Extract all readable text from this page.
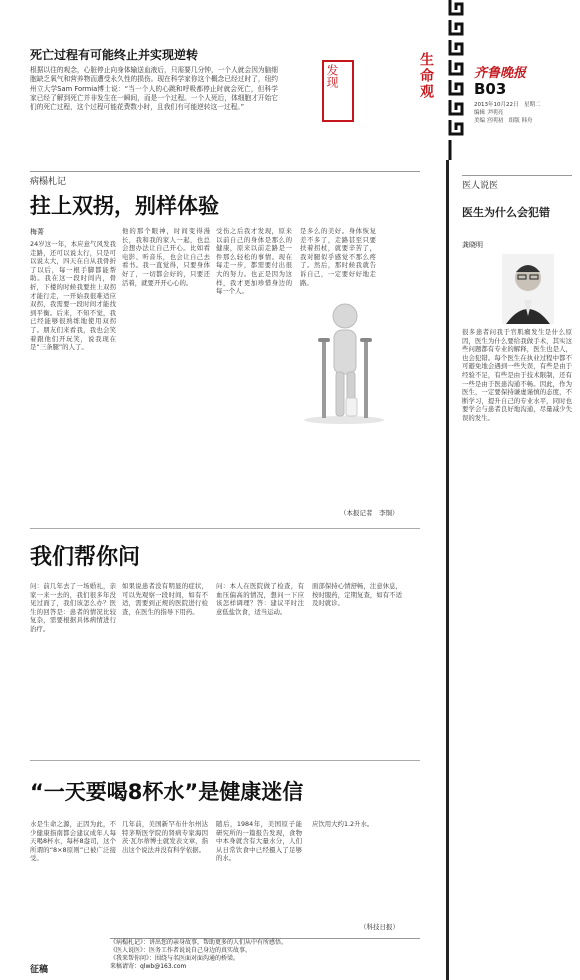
死亡过程有可能终止并实现逆转
根据以往的观念，心脏停止向身体输送血液后，只需要几分钟，一个人就会因为脑细胞缺乏氧气和营养物而遭受永久性的损伤。现在科学家你这个概念已经过时了，纽约州立大学Sam Formia博士说：“当一个人的心跳和呼吸都停止时就会死亡，但科学家已经了解到死亡并非发生在一瞬间，而是一个过程。一个人死后，体细胞才开始它们的死亡过程，这个过程可能花费数小时，且我们有可能逆转这一过程。”
发现	生命观	齐鲁晚报
B03
2013年10月22日　星期二
编辑 尹明亮
美编 宫明初　组版 韩舟
病榻札记
拄上双拐，别样体验
梅菁
24岁这一年，本应意气风发我走路，还可以说太行，只是可以说太大，四天在自从我骨折了以后，每一根手脚都能帮助。我在这一段时间内，骨折，下楼的时候我要拄上双拐才能行走，一开始我很难适应双拐，我需要一段时间才能找到平衡。后来，不知不觉，我已经能够很熟练地使用双拐了。朋友们来看我，我也会笑着跟他们开玩笑，说我现在是“三条腿”的人了。
他的那个眼神，时间变得漫长，我和我的家人一起，也总会想办法让自己开心。比如看电影、听音乐，也会让自己去看书。我一直觉得，只要身体好了，一切都会好的，只要还活着，就要开开心心的。
受伤之后我才发现，原来以前自己的身体是那么的健康，原来以前走路是一件那么轻松的事情。现在每走一步，都需要付出很大的努力。也正是因为这样，我才更加珍惜身边的每一个人。
是多么的美好。身体恢复差不多了，走路甚至只要扶着拐杖，就要辛苦了，我对腿似乎感觉不那么疼了。然后，那时候我就告诉自己，一定要好好地走路。
（本报记者　李铜）
我们帮你问
问：前几年去了一场婚礼，亲家一来一去的，我们很多年没见过面了，我们该怎么办？医生的回答是：患者的情况比较复杂，需要根据具体病情进行治疗。
如果说患者没有明显的症状，可以先观察一段时间，如有不适，需要到正规的医院进行检查，在医生的指导下用药。
问：本人在医院做了检查，有血压偏高的情况，想问一下应该怎样调理？答：建议平时注意低盐饮食，适当运动。
面部保持心情舒畅，注意休息，按时服药，定期复查，如有不适及时就诊。
“一天要喝8杯水”是健康迷信
水是生命之源，正因为此，不少健康指南都会建议成年人每天喝8杯水，每杯8盎司，这个所谓的“8×8原则”已被广泛接受。
几年前，美国新罕布什尔州达特茅斯医学院的肾病专家海因茨·瓦尔蒂博士就发表文章，指出这个说法并没有科学依据。
随后，1984年，美国原子能研究所的一篇报告发现，食物中本身就含有大量水分，人们从日常饮食中已经摄入了足够的水。
应饮用大约1.2升水。
（科技日报）
《病榻札记》：讲出您的亲身故事，帮助更多的人们从中有所感悟。
《医人说医》：医务工作者说说自己身边的真实故事。
《我来帮你问》：围绕与名医面对面沟通的桥梁。
来稿请寄：qlwb@163.com
征稿
医人说医
医生为什么会犯错
龚晓明
很多患者问我于官肌瘤发生是什么原因，医生为什么要给我做手术，其实这些问题都有专业的解释，医生也是人，也会犯错。每个医生在执业过程中都不可避免地会遇到一些失误，有些是由于经验不足，有些是由于技术限制，还有一些是由于医患沟通不畅。因此，作为医生，一定要保持谦虚谨慎的态度，不断学习，提升自己的专业水平，同时也要学会与患者良好地沟通，尽量减少失误的发生。
